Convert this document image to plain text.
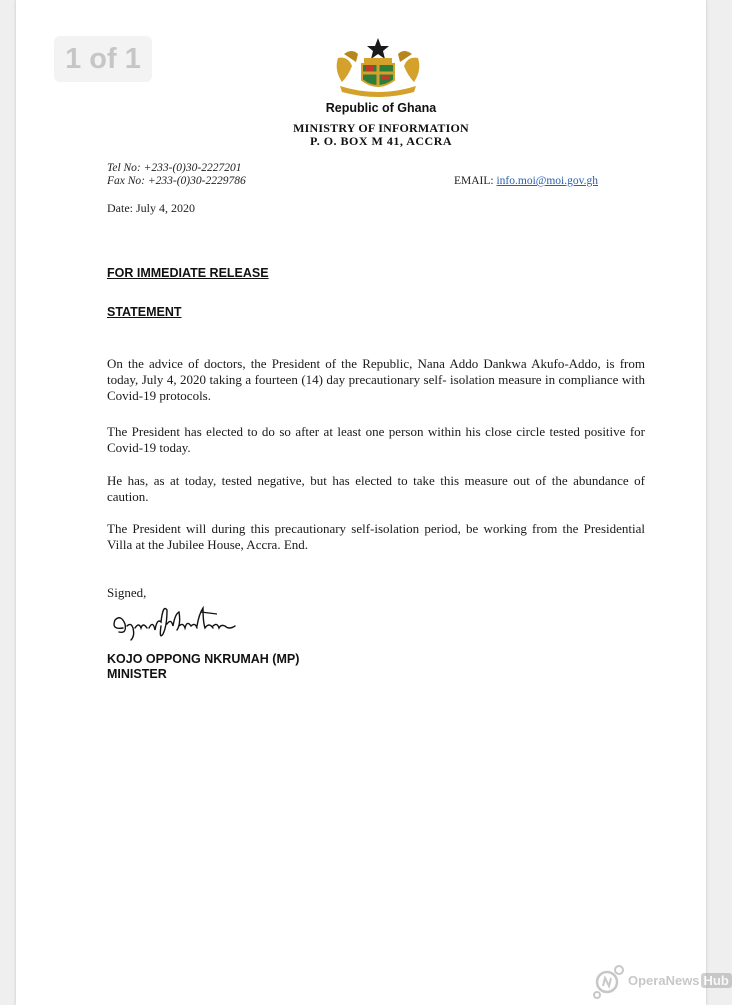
1 of 1
Republic of Ghana
MINISTRY OF INFORMATION
P. O. BOX M 41, ACCRA
Tel No: +233-(0)30-2227201
Fax No: +233-(0)30-2229786	EMAIL: info.moi@moi.gov.gh
Date: July 4, 2020
FOR IMMEDIATE RELEASE
STATEMENT

On the advice of doctors, the President of the Republic, Nana Addo Dankwa Akufo-Addo, is from today, July 4, 2020 taking a fourteen (14) day precautionary self- isolation measure in compliance with Covid-19 protocols.

The President has elected to do so after at least one person within his close circle tested positive for Covid-19 today.

He has, as at today, tested negative, but has elected to take this measure out of the abundance of caution.

The President will during this precautionary self-isolation period, be working from the Presidential Villa at the Jubilee House, Accra. End.

Signed,
KOJO OPPONG NKRUMAH (MP)
MINISTER
OperaNews Hub
